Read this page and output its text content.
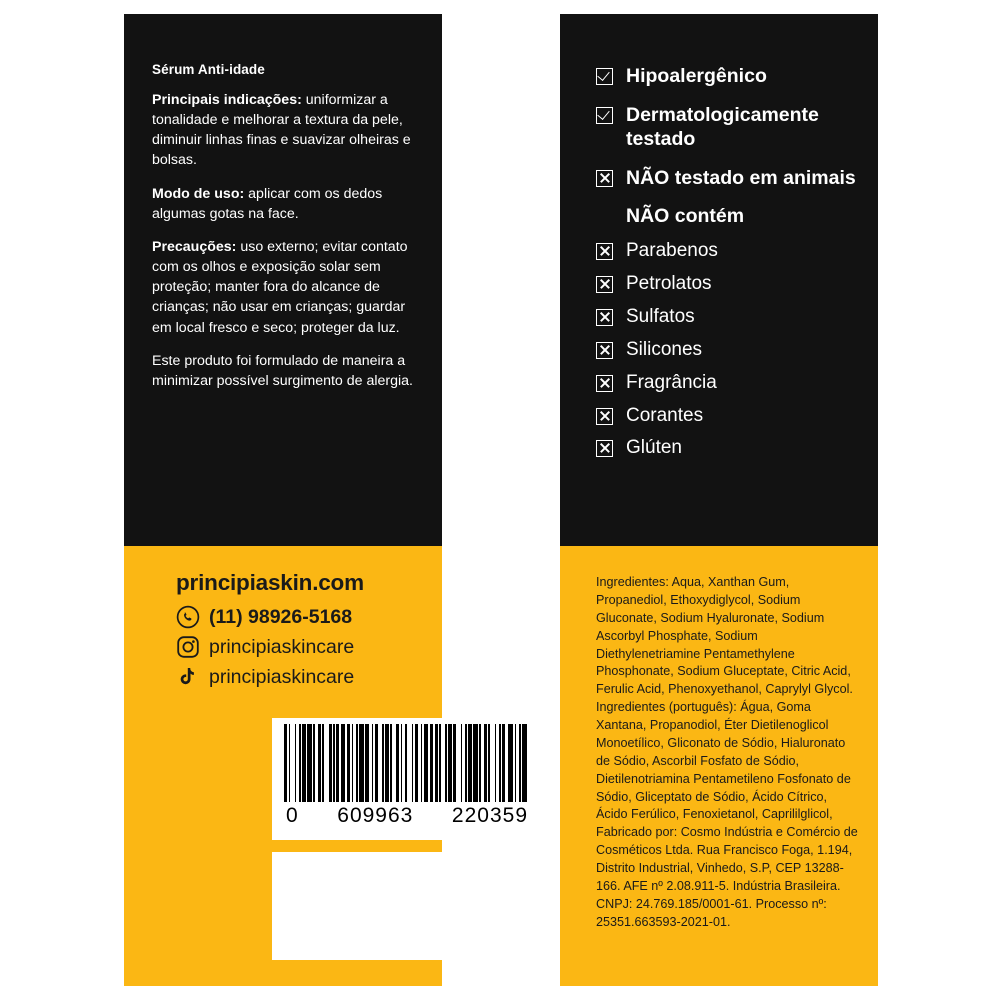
Sérum Anti-idade

Principais indicações: uniformizar a tonalidade e melhorar a textura da pele, diminuir linhas finas e suavizar olheiras e bolsas.

Modo de uso: aplicar com os dedos algumas gotas na face.

Precauções: uso externo; evitar contato com os olhos e exposição solar sem proteção; manter fora do alcance de crianças; não usar em crianças; guardar em local fresco e seco; proteger da luz.

Este produto foi formulado de maneira a minimizar possível surgimento de alergia.

principiaskin.com
(11) 98926-5168
principiaskincare
principiaskincare
0 609963 220359
Hipoalergênico
Dermatologicamente testado
NÃO testado em animais
NÃO contém
Parabenos
Petrolatos
Sulfatos
Silicones
Fragrância
Corantes
Glúten

Ingredientes: Aqua, Xanthan Gum, Propanediol, Ethoxydiglycol, Sodium Gluconate, Sodium Hyaluronate, Sodium Ascorbyl Phosphate, Sodium Diethylenetriamine Pentamethylene Phosphonate, Sodium Gluceptate, Citric Acid, Ferulic Acid, Phenoxyethanol, Caprylyl Glycol. Ingredientes (português): Água, Goma Xantana, Propanodiol, Éter Dietilenoglicol Monoetílico, Gliconato de Sódio, Hialuronato de Sódio, Ascorbil Fosfato de Sódio, Dietilenotriamina Pentametileno Fosfonato de Sódio, Gliceptato de Sódio, Ácido Cítrico, Ácido Ferúlico, Fenoxietanol, Caprililglicol, Fabricado por: Cosmo Indústria e Comércio de Cosméticos Ltda. Rua Francisco Foga, 1.194, Distrito Industrial, Vinhedo, S.P, CEP 13288-166. AFE nº 2.08.911-5. Indústria Brasileira. CNPJ: 24.769.185/0001-61. Processo nº: 25351.663593-2021-01.
